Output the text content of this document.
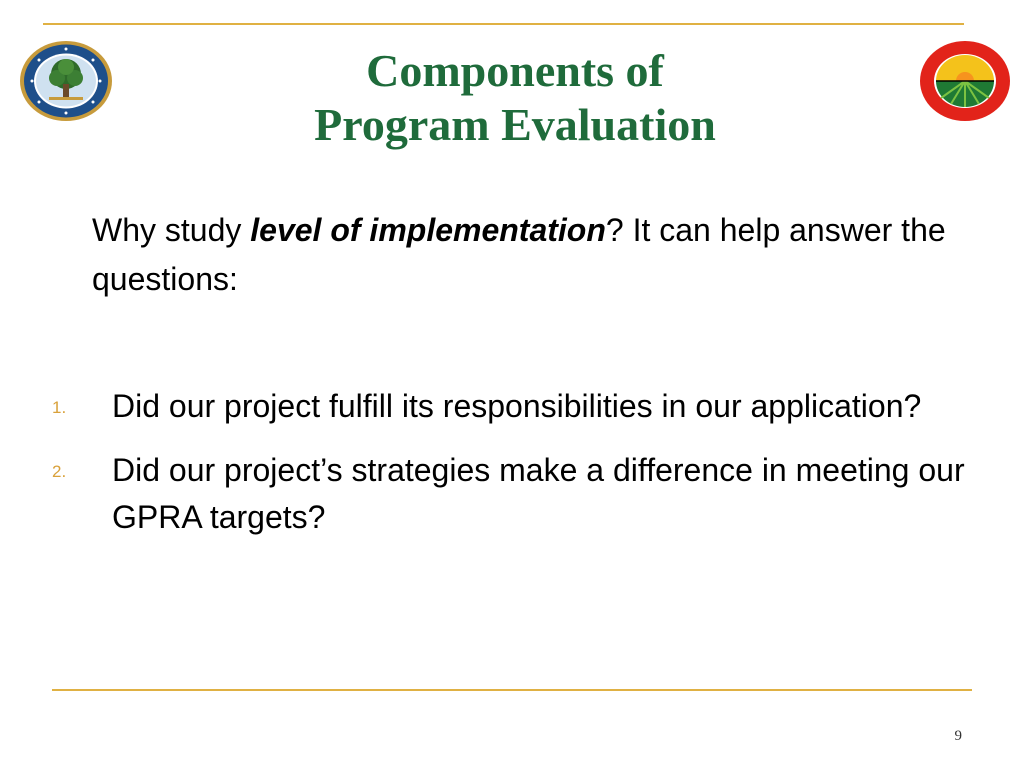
Components of
Program Evaluation
Why study level of implementation? It can help answer the questions:
1. Did our project fulfill its responsibilities in our application?
2. Did our project’s strategies make a difference in meeting our GPRA targets?
9
